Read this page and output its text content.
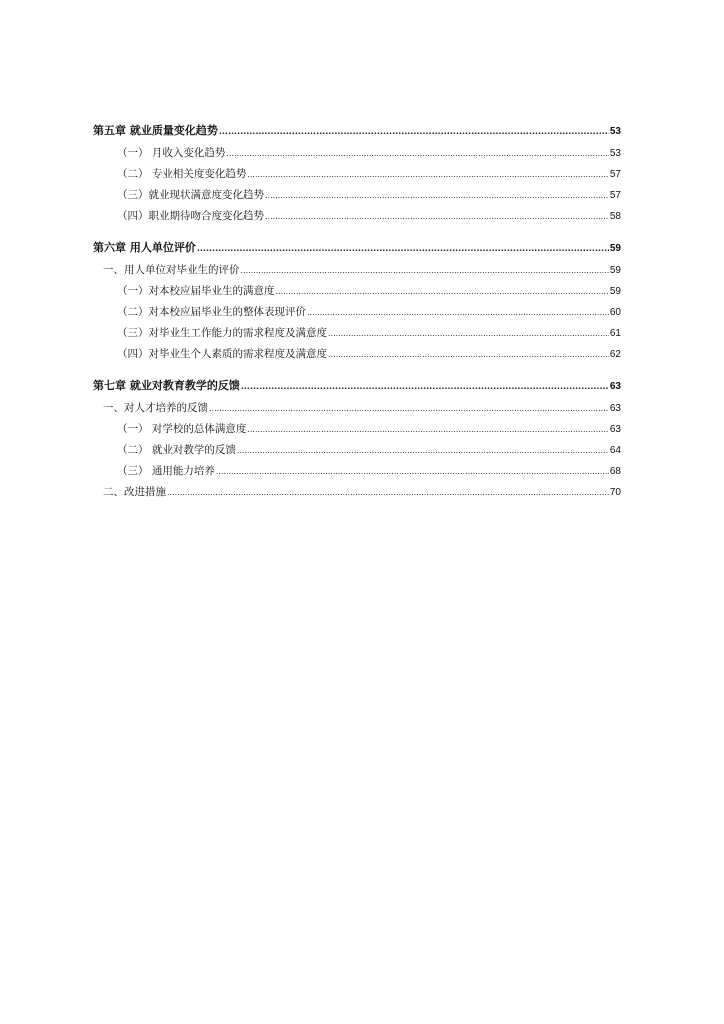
第五章 就业质量变化趋势 .....	53
（一） 月收入变化趋势 .....	53
（二） 专业相关度变化趋势 .....	57
（三）就业现状满意度变化趋势 .....	57
（四）职业期待吻合度变化趋势 .....	58
第六章 用人单位评价 .....	59
一、用人单位对毕业生的评价 .....	59
（一）对本校应届毕业生的满意度 .....	59
（二）对本校应届毕业生的整体表现评价 .....	60
（三）对毕业生工作能力的需求程度及满意度 .....	61
（四）对毕业生个人素质的需求程度及满意度 .....	62
第七章 就业对教育教学的反馈 .....	63
一、对人才培养的反馈 .....	63
（一） 对学校的总体满意度 .....	63
（二） 就业对教学的反馈 .....	64
（三） 通用能力培养 .....	68
二、改进措施 .....	70
